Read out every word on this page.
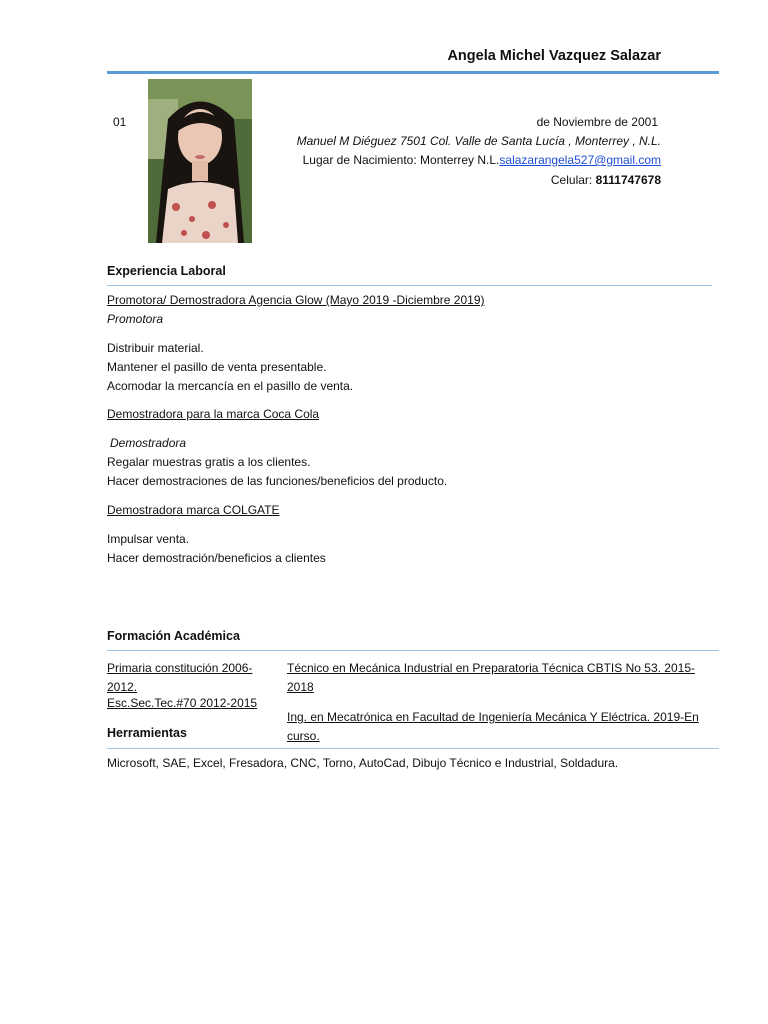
Angela Michel Vazquez Salazar
01	de Noviembre de 2001
Manuel M Diéguez 7501 Col. Valle de Santa Lucía , Monterrey , N.L.
Lugar de Nacimiento: Monterrey N.L.salazarangela527@gmail.com
Celular: 8111747678
Experiencia Laboral
Promotora/ Demostradora Agencia Glow (Mayo 2019 -Diciembre 2019)
Promotora
Distribuir material.
Mantener el pasillo de venta presentable.
Acomodar la mercancía en el pasillo de venta.
Demostradora para la marca Coca Cola
Demostradora
Regalar muestras gratis a los clientes.
Hacer demostraciones de las funciones/beneficios del producto.
Demostradora marca COLGATE
Impulsar venta.
Hacer demostración/beneficios a clientes
Formación Académica
Primaria constitución 2006-2012.
Esc.Sec.Tec.#70 2012-2015
Técnico en Mecánica Industrial en Preparatoria Técnica CBTIS No 53. 2015-2018
Ing. en Mecatrónica en Facultad de Ingeniería Mecánica Y Eléctrica. 2019-En curso.
Herramientas
Microsoft, SAE, Excel, Fresadora, CNC, Torno, AutoCad, Dibujo Técnico e Industrial, Soldadura.
